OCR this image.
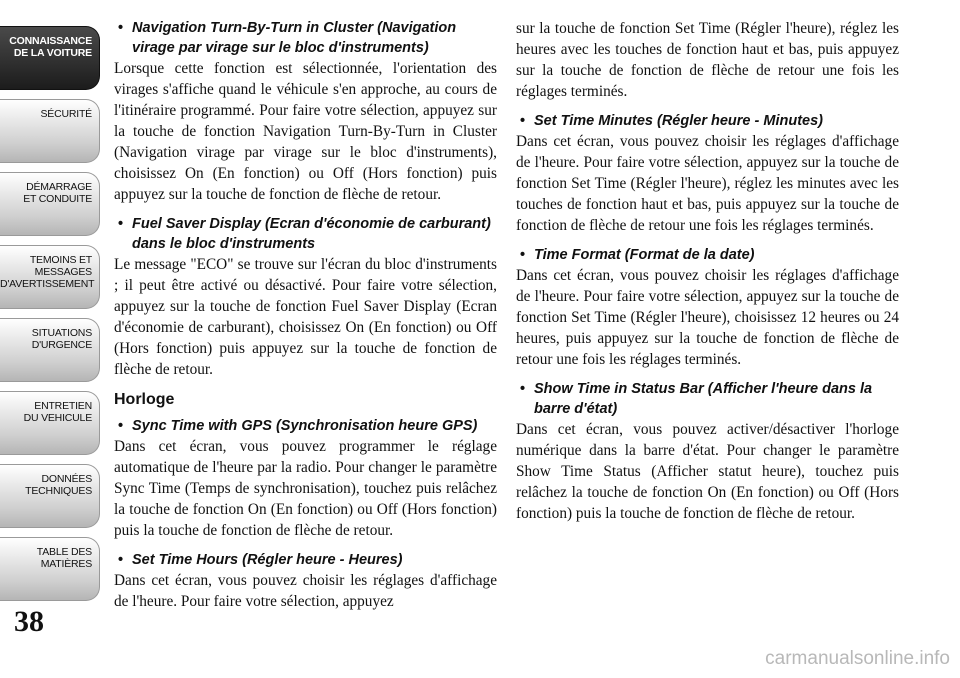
CONNAISSANCE
DE LA VOITURE
SÉCURITÉ
DÉMARRAGE
ET CONDUITE
TEMOINS ET
MESSAGES
D'AVERTISSEMENT
SITUATIONS
D'URGENCE
ENTRETIEN
DU VEHICULE
DONNÉES
TECHNIQUES
TABLE DES
MATIÈRES
38

• Navigation Turn-By-Turn in Cluster (Navigation virage par virage sur le bloc d'instruments)

Lorsque cette fonction est sélectionnée, l'orientation des virages s'affiche quand le véhicule s'en approche, au cours de l'itinéraire programmé. Pour faire votre sélection, appuyez sur la touche de fonction Navigation Turn-By-Turn in Cluster (Navigation virage par virage sur le bloc d'instruments), choisissez On (En fonction) ou Off (Hors fonction) puis appuyez sur la touche de fonction de flèche de retour.

• Fuel Saver Display (Ecran d'économie de carburant) dans le bloc d'instruments

Le message "ECO" se trouve sur l'écran du bloc d'instruments ; il peut être activé ou désactivé. Pour faire votre sélection, appuyez sur la touche de fonction Fuel Saver Display (Ecran d'économie de carburant), choisissez On (En fonction) ou Off (Hors fonction) puis appuyez sur la touche de fonction de flèche de retour.

Horloge

• Sync Time with GPS (Synchronisation heure GPS)

Dans cet écran, vous pouvez programmer le réglage automatique de l'heure par la radio. Pour changer le paramètre Sync Time (Temps de synchronisation), touchez puis relâchez la touche de fonction On (En fonction) ou Off (Hors fonction) puis la touche de fonction de flèche de retour.

• Set Time Hours (Régler heure - Heures)

Dans cet écran, vous pouvez choisir les réglages d'affichage de l'heure. Pour faire votre sélection, appuyez

sur la touche de fonction Set Time (Régler l'heure), réglez les heures avec les touches de fonction haut et bas, puis appuyez sur la touche de fonction de flèche de retour une fois les réglages terminés.

• Set Time Minutes (Régler heure - Minutes)

Dans cet écran, vous pouvez choisir les réglages d'affichage de l'heure. Pour faire votre sélection, appuyez sur la touche de fonction Set Time (Régler l'heure), réglez les minutes avec les touches de fonction haut et bas, puis appuyez sur la touche de fonction de flèche de retour une fois les réglages terminés.

• Time Format (Format de la date)

Dans cet écran, vous pouvez choisir les réglages d'affichage de l'heure. Pour faire votre sélection, appuyez sur la touche de fonction Set Time (Régler l'heure), choisissez 12 heures ou 24 heures, puis appuyez sur la touche de fonction de flèche de retour une fois les réglages terminés.

• Show Time in Status Bar (Afficher l'heure dans la barre d'état)

Dans cet écran, vous pouvez activer/désactiver l'horloge numérique dans la barre d'état. Pour changer le paramètre Show Time Status (Afficher statut heure), touchez puis relâchez la touche de fonction On (En fonction) ou Off (Hors fonction) puis la touche de fonction de flèche de retour.

carmanualsonline.info
